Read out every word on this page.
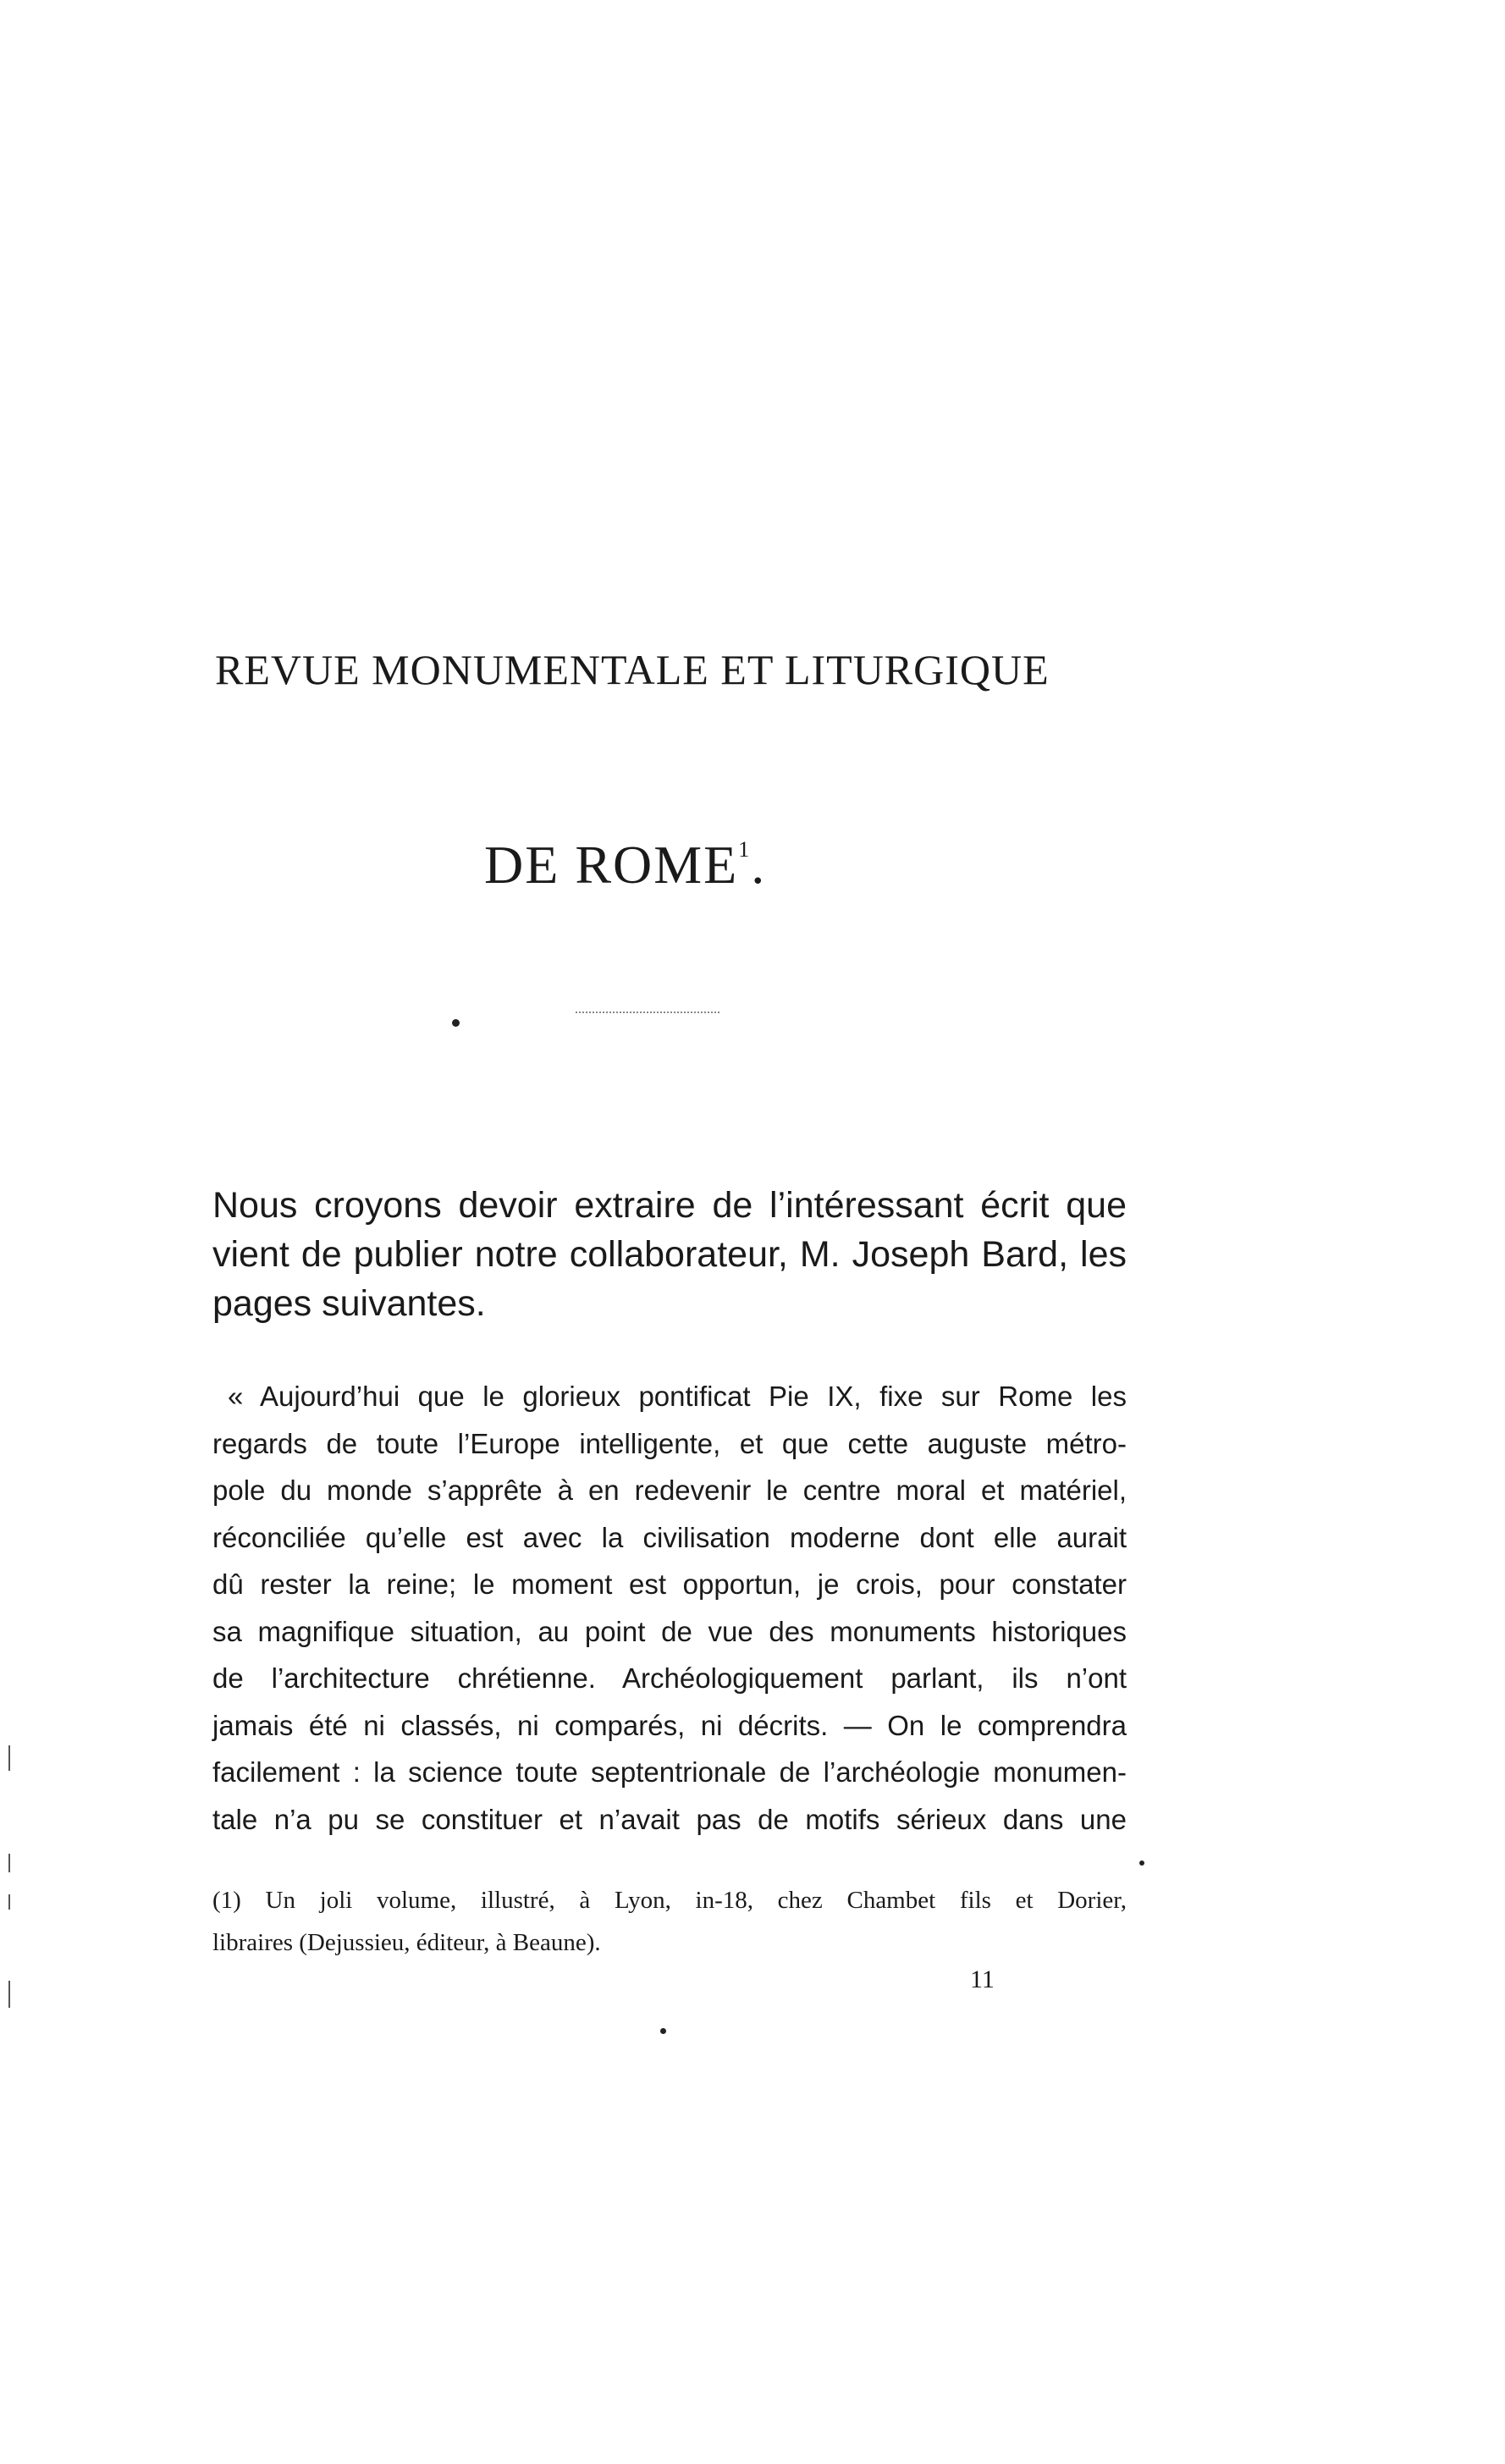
REVUE MONUMENTALE ET LITURGIQUE
DE ROME$^1$.
Nous croyons devoir extraire de l’intéressant écrit que
vient de publier notre collaborateur, M. Joseph Bard, les
pages suivantes.
« Aujourd’hui que le glorieux pontificat Pie IX, fixe sur Rome les
regards de toute l’Europe intelligente, et que cette auguste métro-
pole du monde s’apprête à en redevenir le centre moral et matériel,
réconciliée qu’elle est avec la civilisation moderne dont elle aurait
dû rester la reine; le moment est opportun, je crois, pour constater
sa magnifique situation, au point de vue des monuments historiques
de l’architecture chrétienne. Archéologiquement parlant, ils n’ont
jamais été ni classés, ni comparés, ni décrits. — On le comprendra
facilement : la science toute septentrionale de l’archéologie monumen-
tale n’a pu se constituer et n’avait pas de motifs sérieux dans une
(1) Un joli volume, illustré, à Lyon, in-18, chez Chambet fils et Dorier,
libraires (Dejussieu, éditeur, à Beaune).
11
